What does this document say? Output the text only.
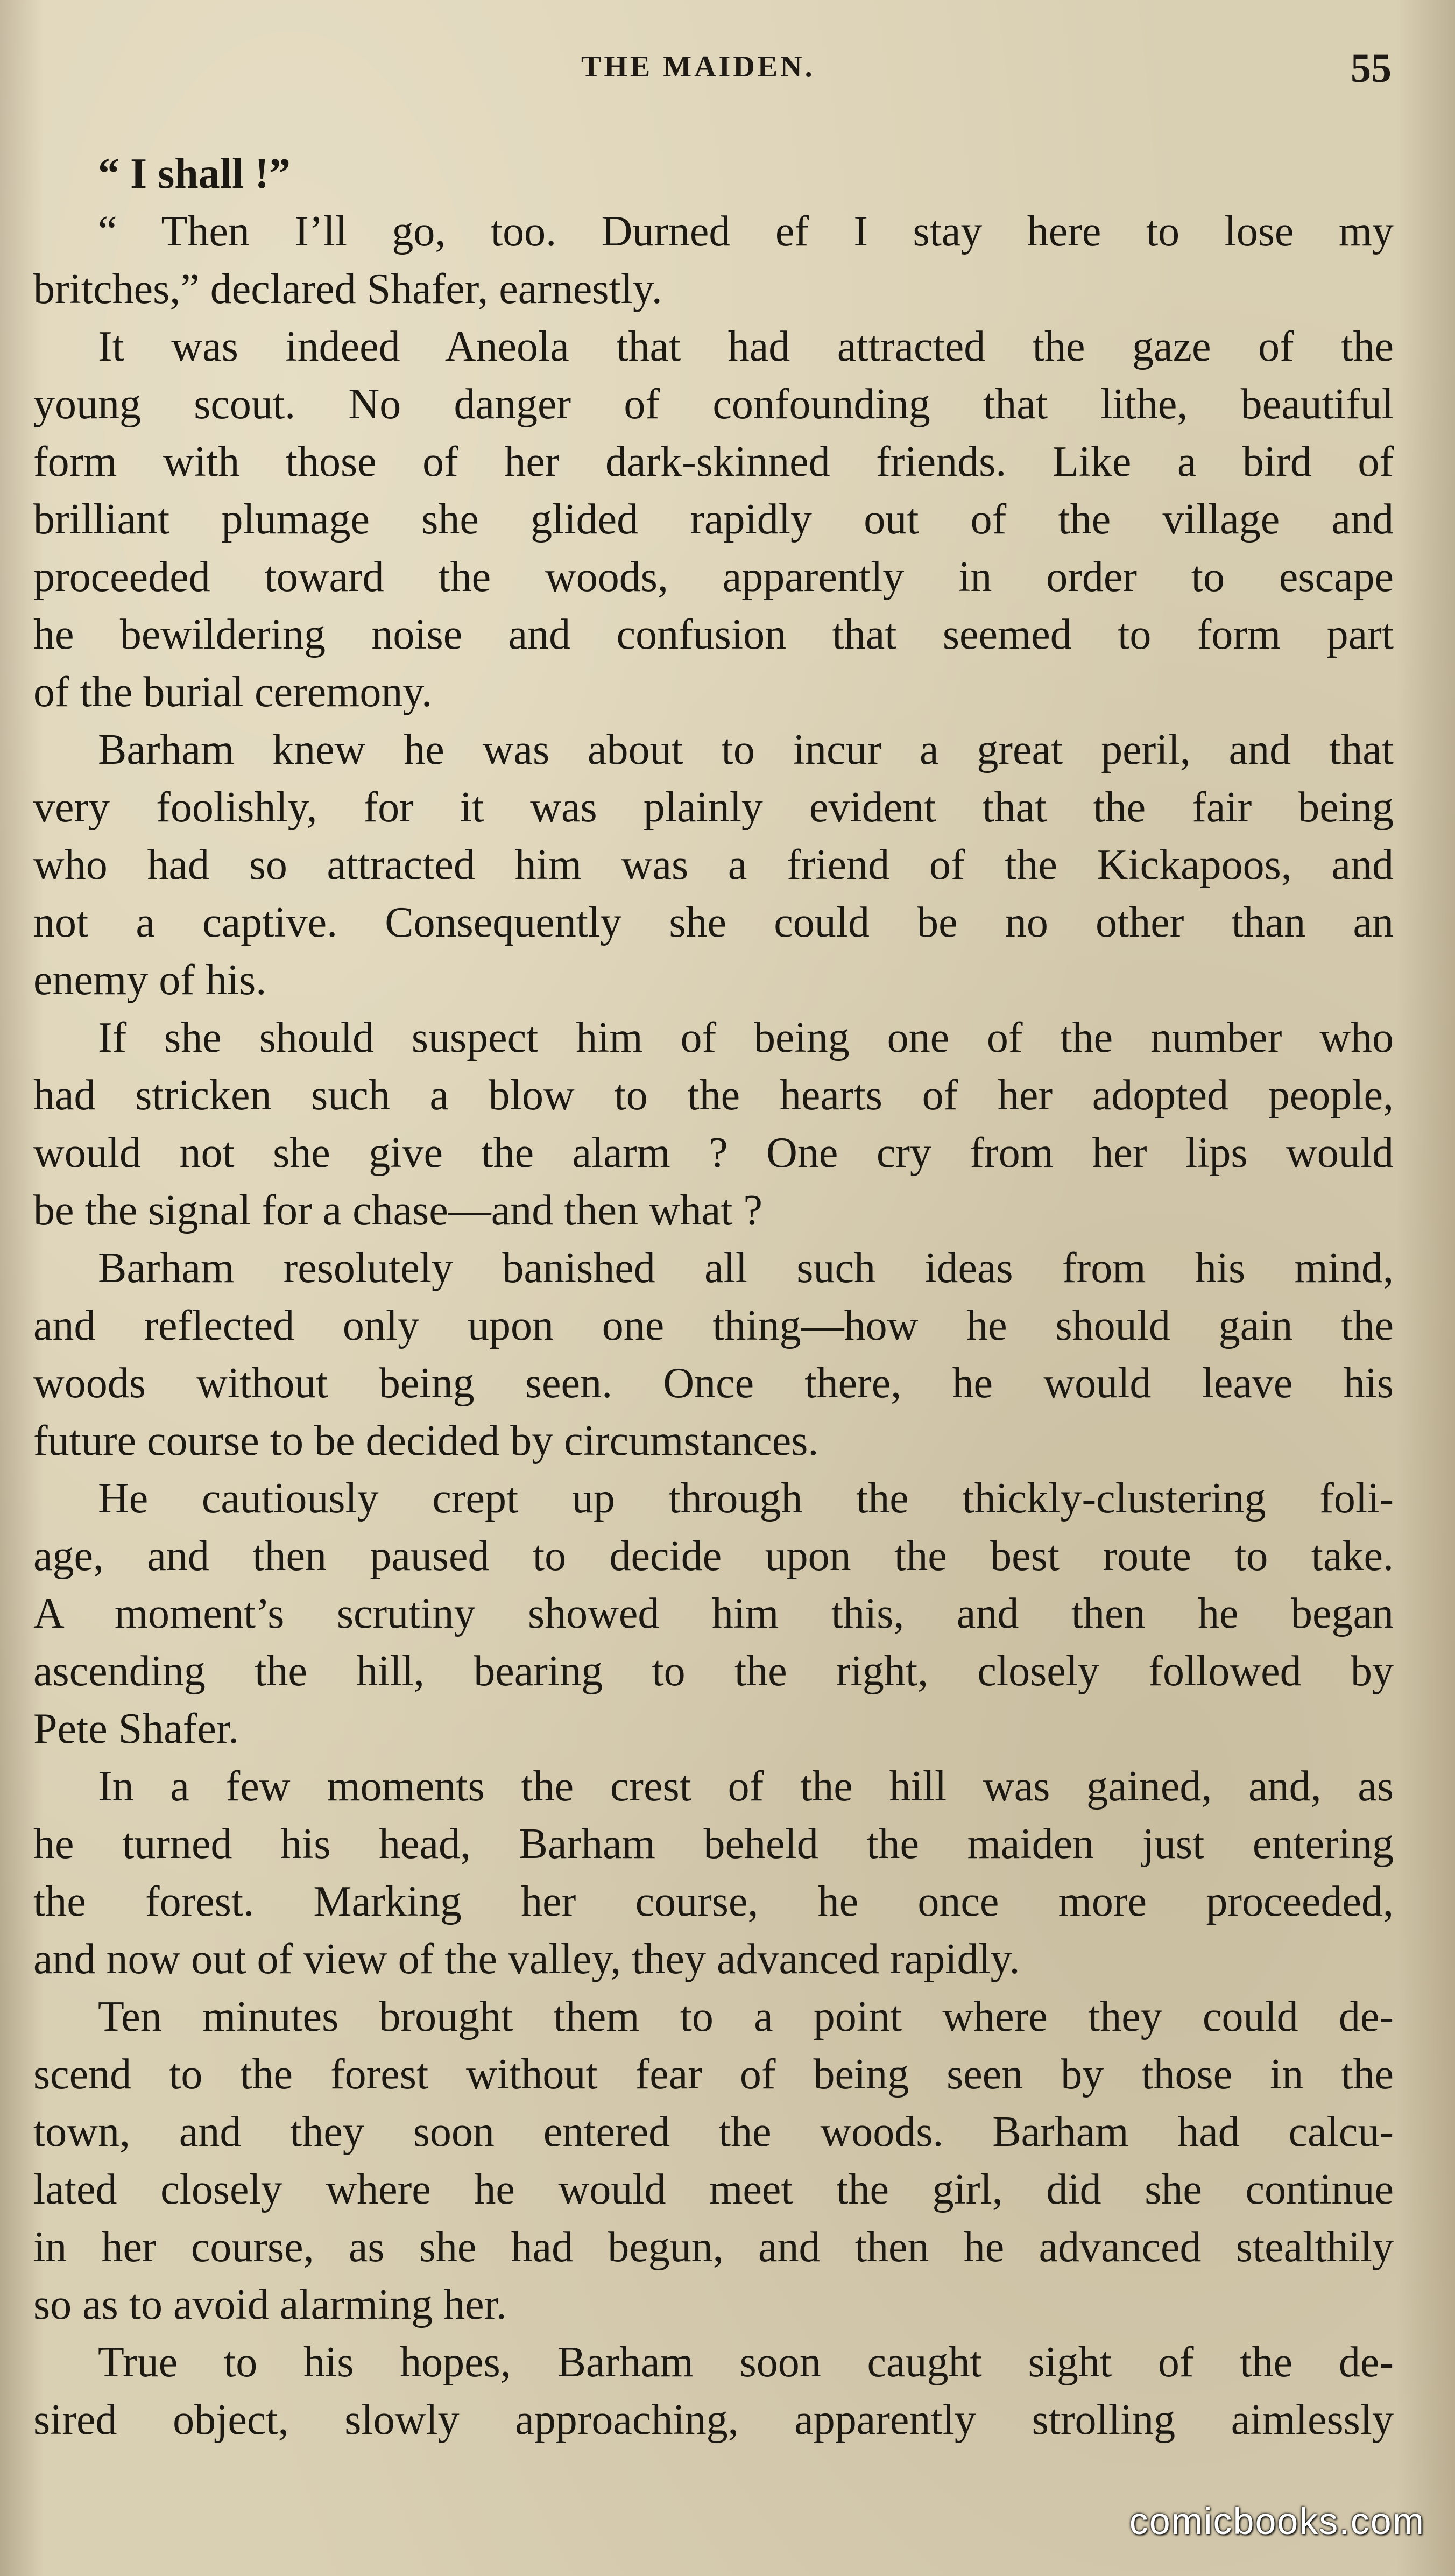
THE MAIDEN.	55
“ I shall !”
“ Then I’ll go, too. Durned ef I stay here to lose my
britches,” declared Shafer, earnestly.
It was indeed Aneola that had attracted the gaze of the
young scout. No danger of confounding that lithe, beautiful
form with those of her dark-skinned friends. Like a bird of
brilliant plumage she glided rapidly out of the village and
proceeded toward the woods, apparently in order to escape
he bewildering noise and confusion that seemed to form part
of the burial ceremony.
Barham knew he was about to incur a great peril, and that
very foolishly, for it was plainly evident that the fair being
who had so attracted him was a friend of the Kickapoos, and
not a captive. Consequently she could be no other than an
enemy of his.
If she should suspect him of being one of the number who
had stricken such a blow to the hearts of her adopted people,
would not she give the alarm ? One cry from her lips would
be the signal for a chase—and then what ?
Barham resolutely banished all such ideas from his mind,
and reflected only upon one thing—how he should gain the
woods without being seen. Once there, he would leave his
future course to be decided by circumstances.
He cautiously crept up through the thickly-clustering foli-
age, and then paused to decide upon the best route to take.
A moment’s scrutiny showed him this, and then he began
ascending the hill, bearing to the right, closely followed by
Pete Shafer.
In a few moments the crest of the hill was gained, and, as
he turned his head, Barham beheld the maiden just entering
the forest. Marking her course, he once more proceeded,
and now out of view of the valley, they advanced rapidly.
Ten minutes brought them to a point where they could de-
scend to the forest without fear of being seen by those in the
town, and they soon entered the woods. Barham had calcu-
lated closely where he would meet the girl, did she continue
in her course, as she had begun, and then he advanced stealthily
so as to avoid alarming her.
True to his hopes, Barham soon caught sight of the de-
sired object, slowly approaching, apparently strolling aimlessly
comicbooks.com
